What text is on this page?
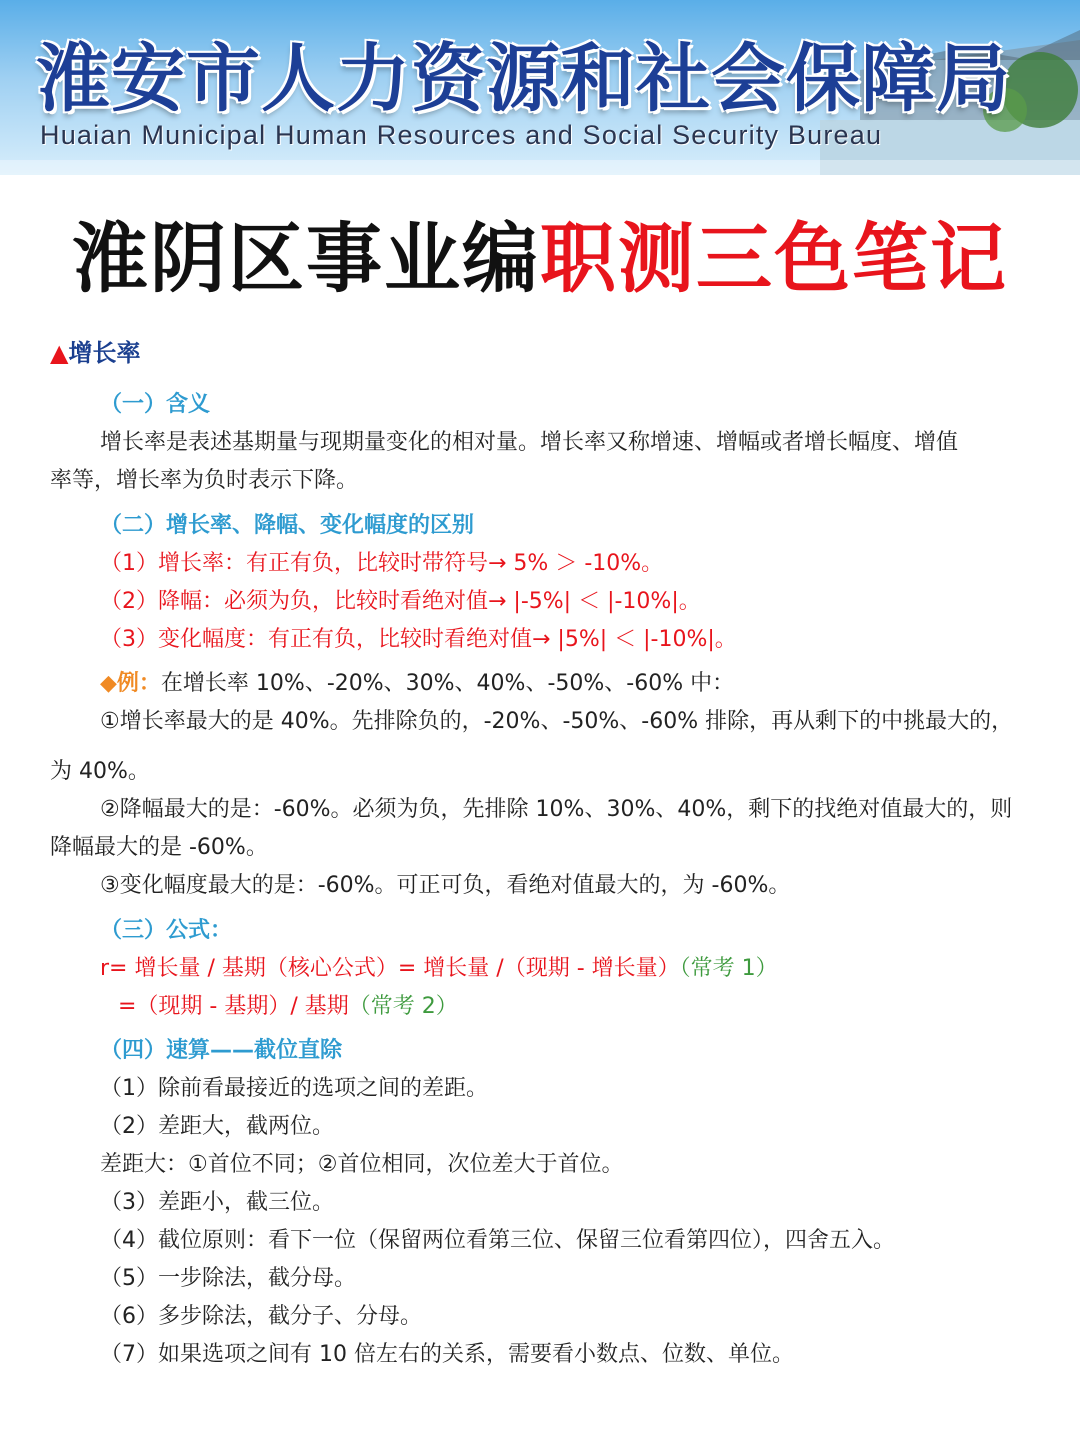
淮安市人力资源和社会保障局
Huaian Municipal Human Resources and Social Security Bureau
淮阴区事业编职测三色笔记
▲增长率
（一）含义
增长率是表述基期量与现期量变化的相对量。增长率又称增速、增幅或者增长幅度、增值
率等，增长率为负时表示下降。
（二）增长率、降幅、变化幅度的区别
（1）增长率：有正有负，比较时带符号→ 5% ＞ -10%。
（2）降幅：必须为负，比较时看绝对值→ |-5%| ＜ |-10%|。
（3）变化幅度：有正有负，比较时看绝对值→ |5%| ＜ |-10%|。
◆例：在增长率 10%、-20%、30%、40%、-50%、-60% 中：
①增长率最大的是 40%。先排除负的，-20%、-50%、-60% 排除，再从剩下的中挑最大的，
为 40%。
②降幅最大的是：-60%。必须为负，先排除 10%、30%、40%，剩下的找绝对值最大的，则
降幅最大的是 -60%。
③变化幅度最大的是：-60%。可正可负，看绝对值最大的，为 -60%。
（三）公式：
r= 增长量 / 基期（核心公式）= 增长量 /（现期 - 增长量）（常考 1）
=（现期 - 基期）/ 基期（常考 2）
（四）速算——截位直除
（1）除前看最接近的选项之间的差距。
（2）差距大，截两位。
差距大：①首位不同；②首位相同，次位差大于首位。
（3）差距小，截三位。
（4）截位原则：看下一位（保留两位看第三位、保留三位看第四位），四舍五入。
（5）一步除法，截分母。
（6）多步除法，截分子、分母。
（7）如果选项之间有 10 倍左右的关系，需要看小数点、位数、单位。
